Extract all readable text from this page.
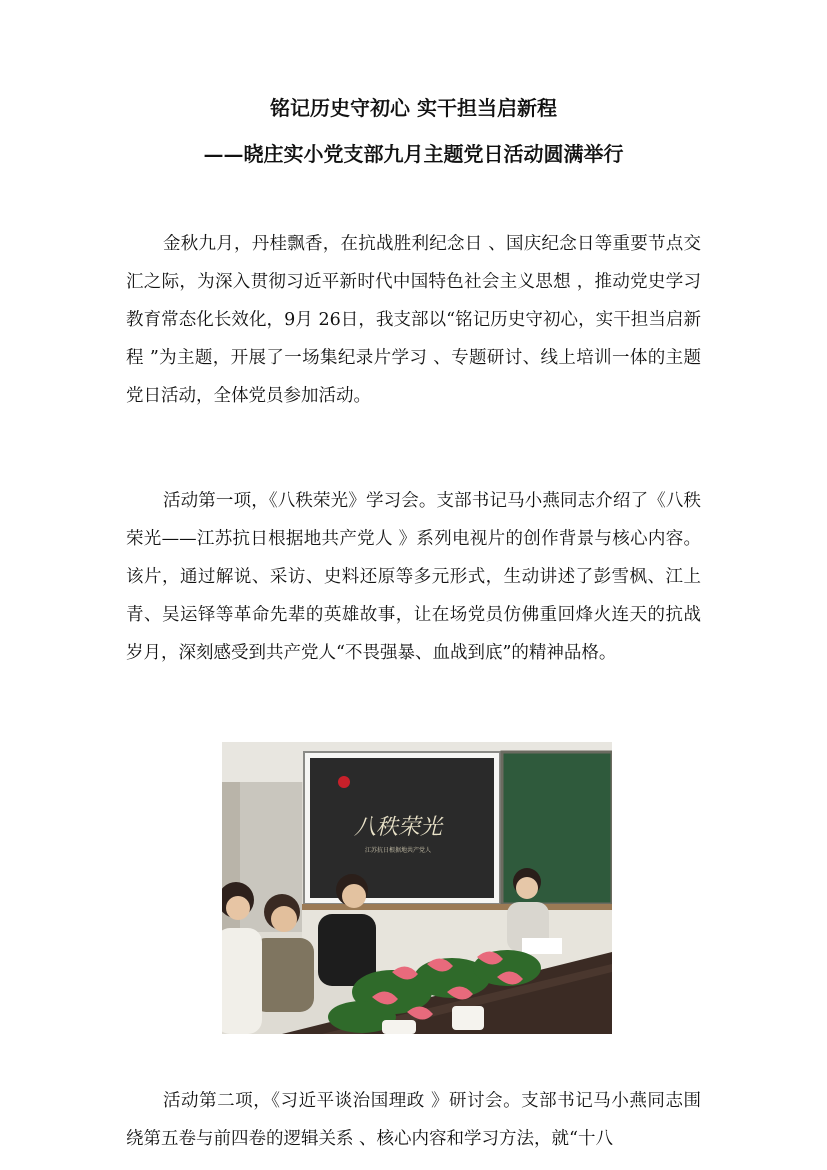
铭记历史守初心 实干担当启新程
——晓庄实小党支部九月主题党日活动圆满举行

金秋九月，丹桂飘香，在抗战胜利纪念日 、国庆纪念日等重要节点交汇之际，为深入贯彻习近平新时代中国特色社会主义思想 ，推动党史学习教育常态化长效化，9月 26日，我支部以“铭记历史守初心，实干担当启新程 ”为主题，开展了一场集纪录片学习 、专题研讨、线上培训一体的主题党日活动，全体党员参加活动。

活动第一项，《八秩荣光》学习会。支部书记马小燕同志介绍了《八秩荣光——江苏抗日根据地共产党人 》系列电视片的创作背景与核心内容。该片，通过解说、采访、史料还原等多元形式，生动讲述了彭雪枫、江上青、吴运铎等革命先辈的英雄故事，让在场党员仿佛重回烽火连天的抗战岁月，深刻感受到共产党人“不畏强暴、血战到底”的精神品格。

八秩荣光
江苏抗日根据地共产党人

活动第二项，《习近平谈治国理政 》研讨会。支部书记马小燕同志围绕第五卷与前四卷的逻辑关系 、核心内容和学习方法，就“十八
